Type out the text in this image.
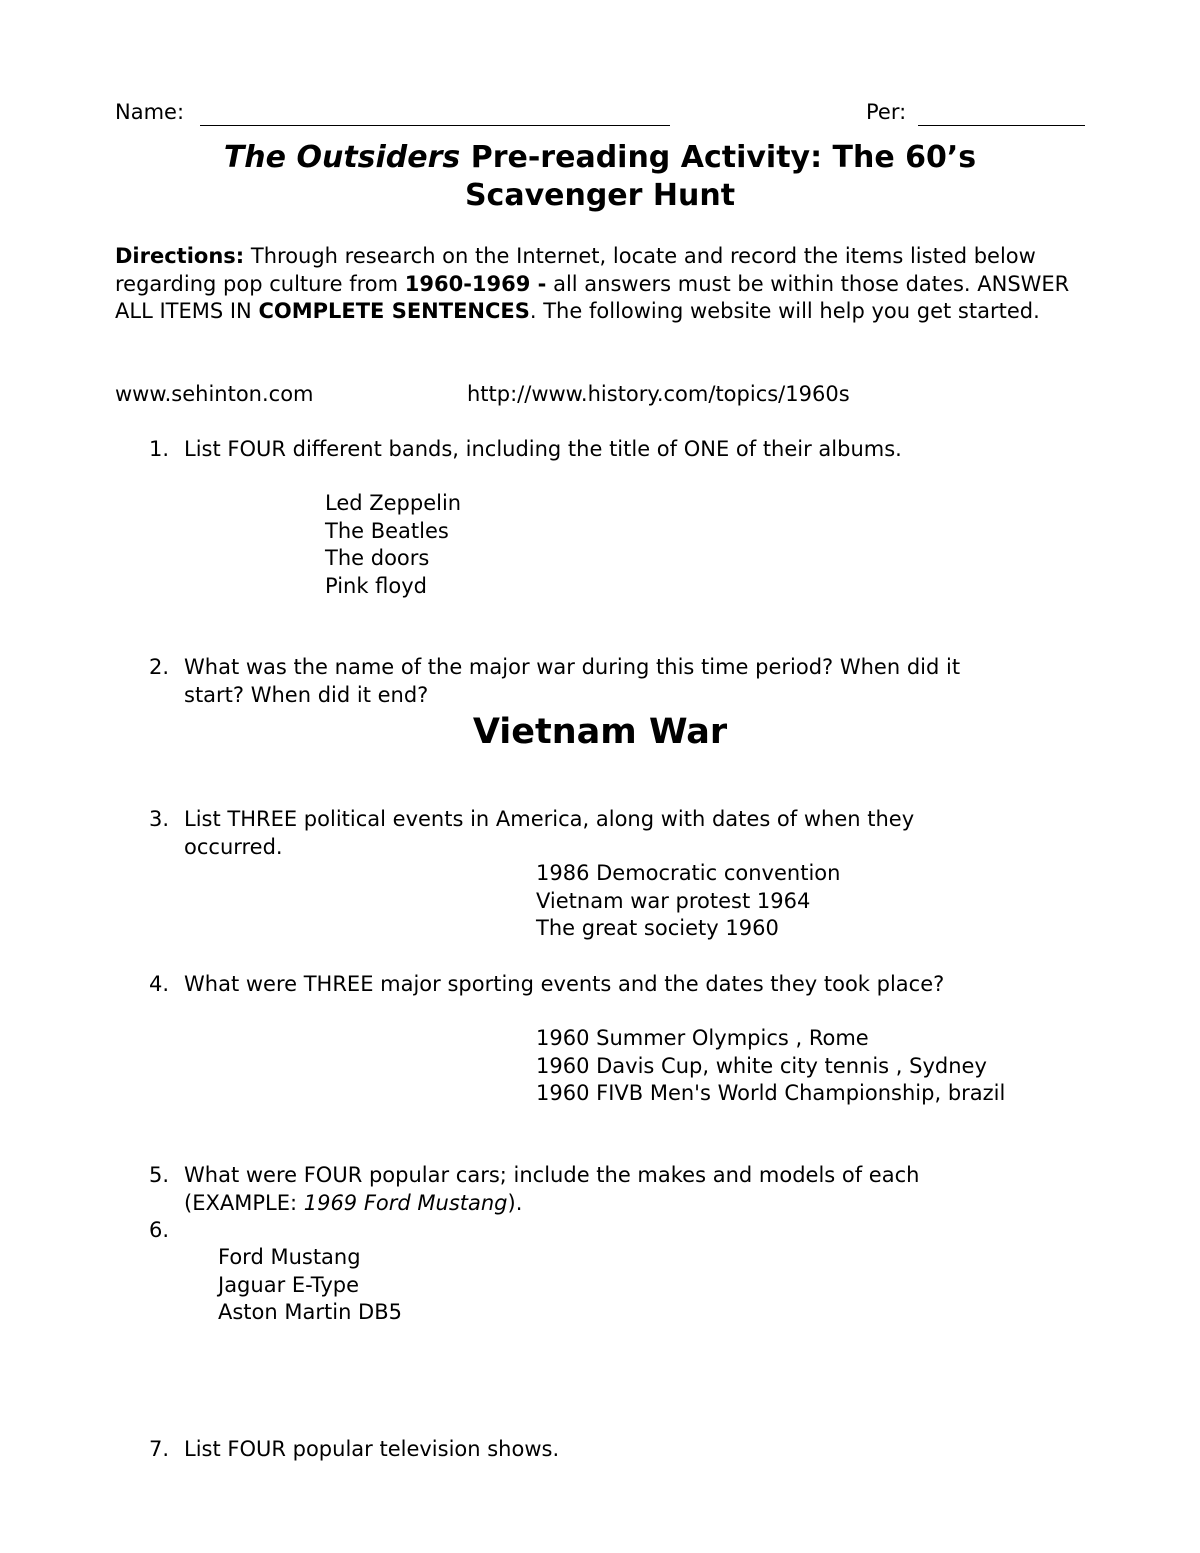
Name:	Per:
The Outsiders Pre-reading Activity: The 60’s
Scavenger Hunt
Directions: Through research on the Internet, locate and record the items listed below regarding pop culture from 1960-1969 - all answers must be within those dates. ANSWER ALL ITEMS IN COMPLETE SENTENCES. The following website will help you get started.
www.sehinton.com	http://www.history.com/topics/1960s
1. List FOUR different bands, including the title of ONE of their albums.
Led Zeppelin
The Beatles
The doors
Pink floyd
2. What was the name of the major war during this time period? When did it
start? When did it end?
Vietnam War
3. List THREE political events in America, along with dates of when they
occurred.
1986 Democratic convention
Vietnam war protest 1964
The great society 1960
4. What were THREE major sporting events and the dates they took place?
1960 Summer Olympics , Rome
1960 Davis Cup, white city tennis , Sydney
1960 FIVB Men's World Championship, brazil
5. What were FOUR popular cars; include the makes and models of each
(EXAMPLE: 1969 Ford Mustang).
6.
Ford Mustang
Jaguar E-Type
Aston Martin DB5
7. List FOUR popular television shows.
